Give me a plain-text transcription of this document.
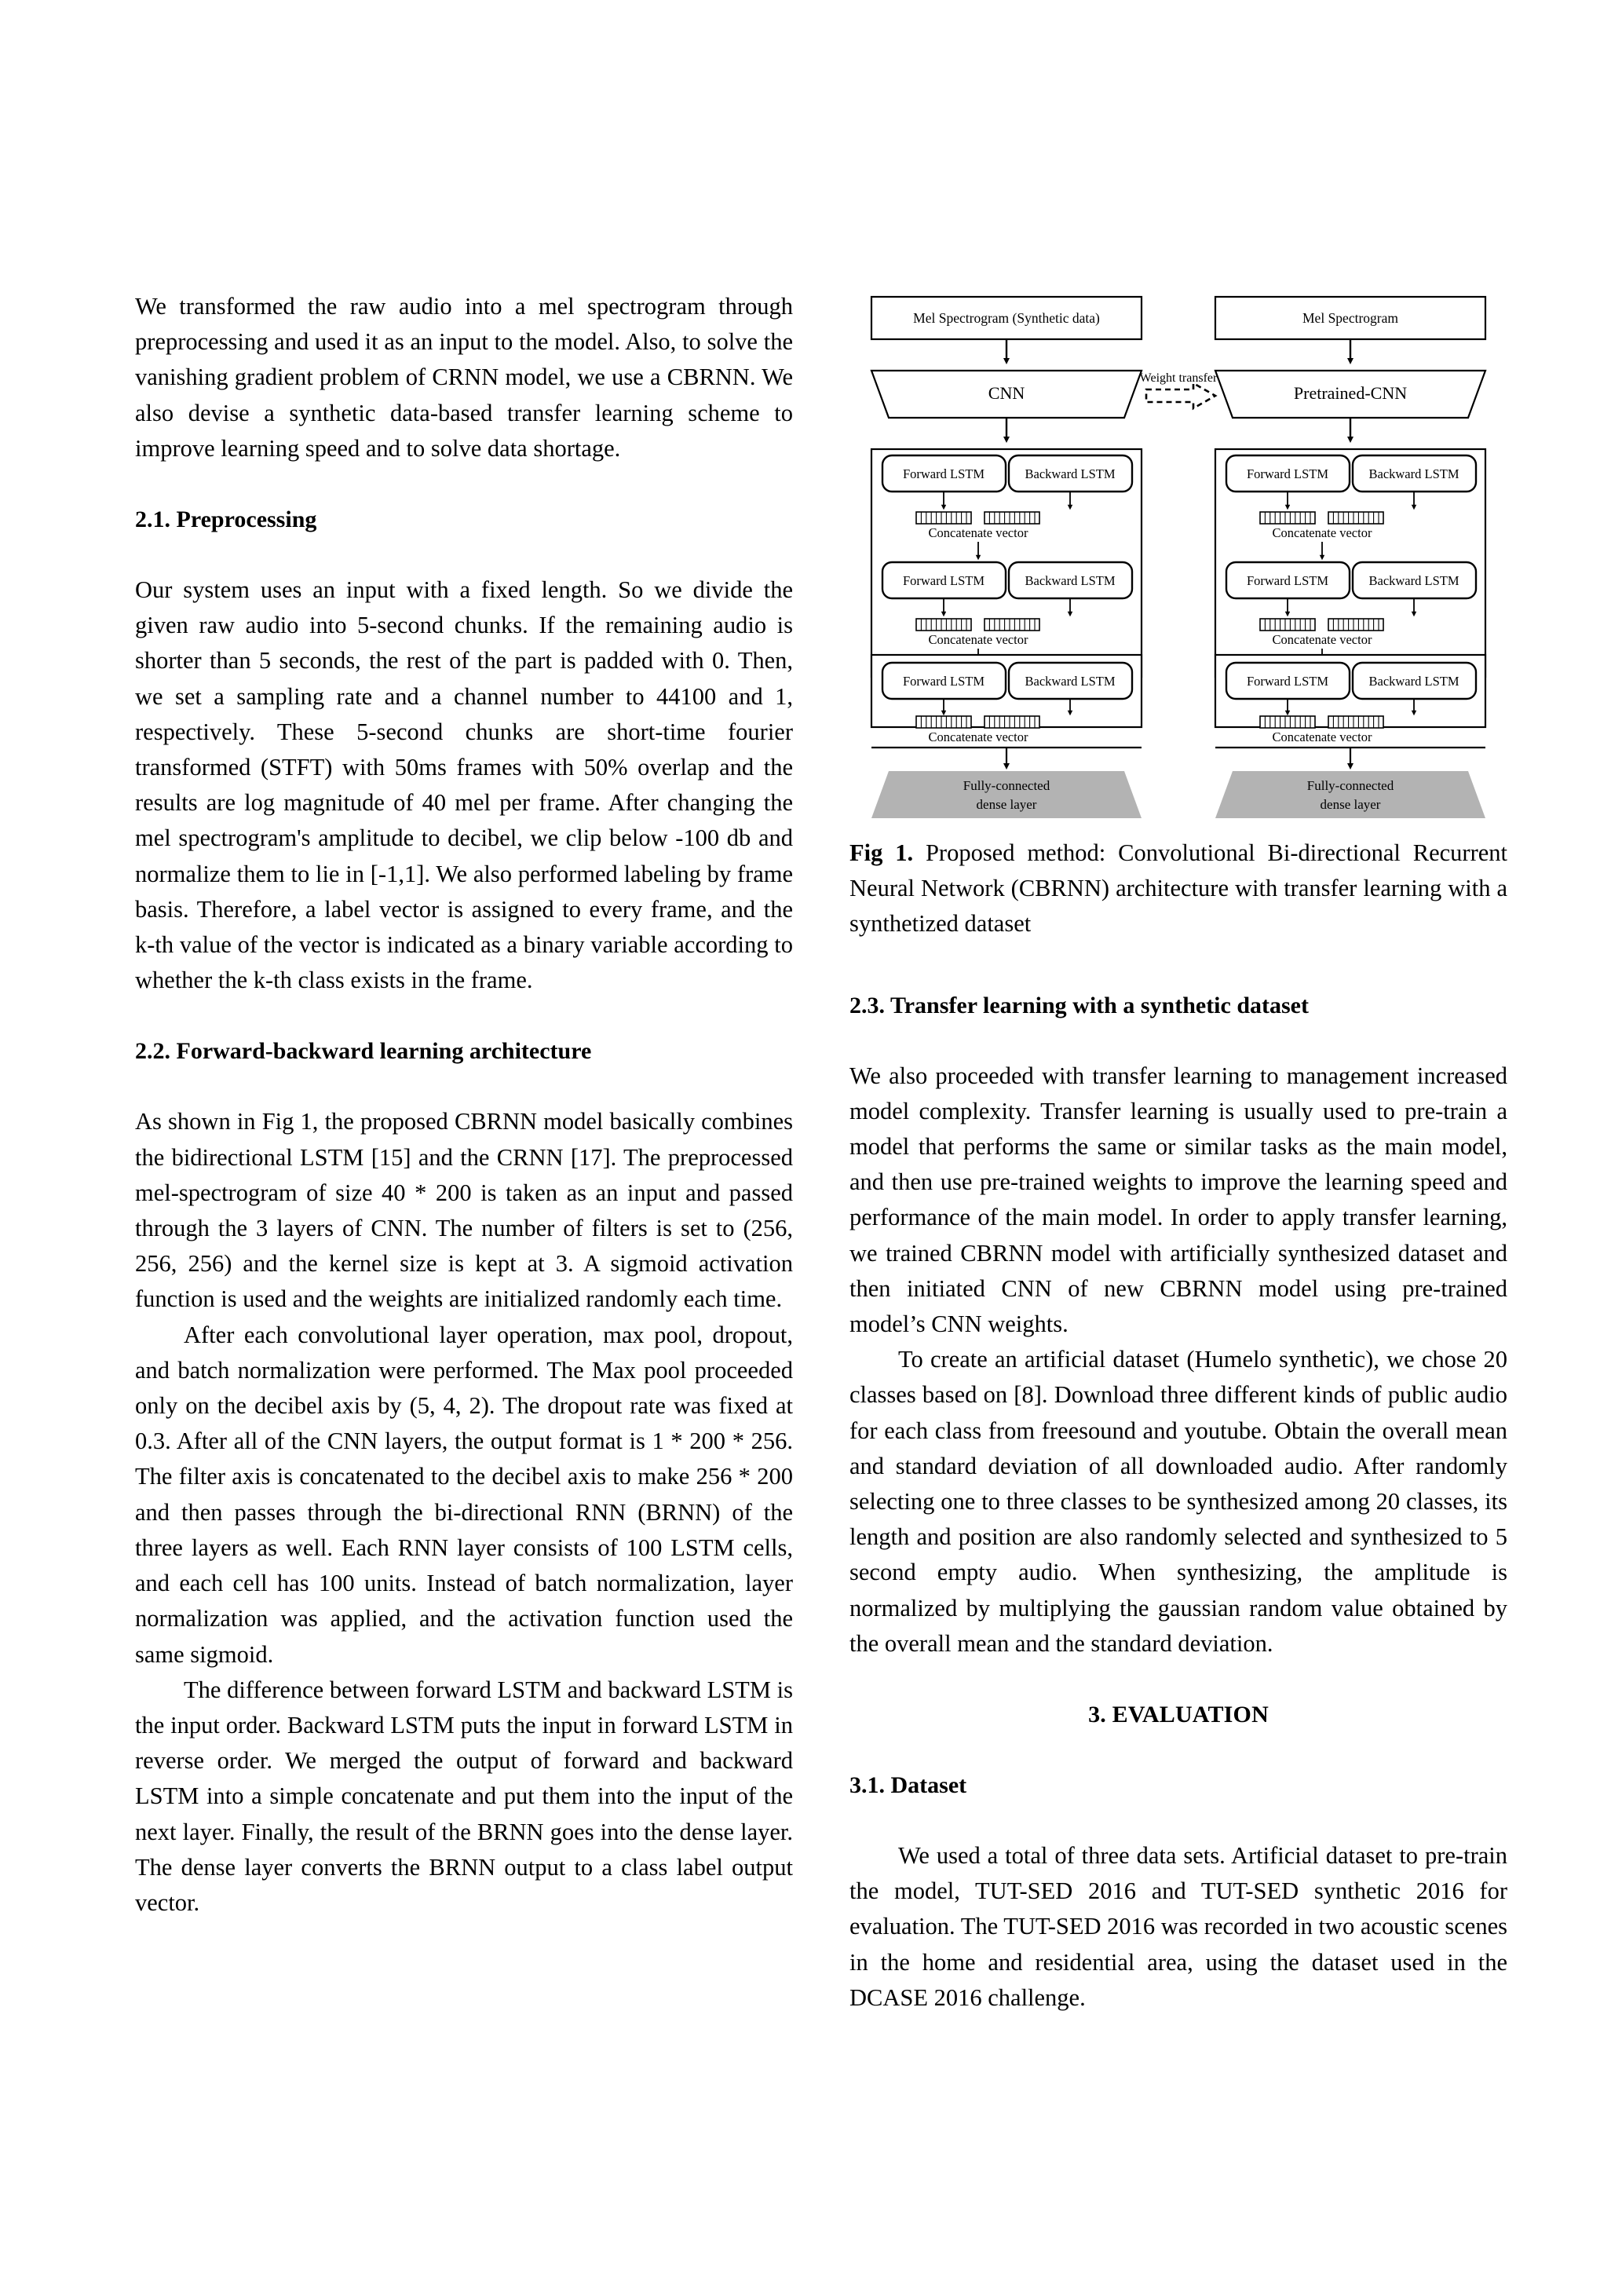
We transformed the raw audio into a mel spectrogram through preprocessing and used it as an input to the model. Also, to solve the vanishing gradient problem of CRNN model, we use a CBRNN. We also devise a synthetic data-based transfer learning scheme to improve learning speed and to solve data shortage.

2.1. Preprocessing

Our system uses an input with a fixed length. So we divide the given raw audio into 5-second chunks. If the remaining audio is shorter than 5 seconds, the rest of the part is padded with 0. Then, we set a sampling rate and a channel number to 44100 and 1, respectively. These 5-second chunks are short-time fourier transformed (STFT) with 50ms frames with 50% overlap and the results are log magnitude of 40 mel per frame. After changing the mel spectrogram's amplitude to decibel, we clip below -100 db and normalize them to lie in [-1,1]. We also performed labeling by frame basis. Therefore, a label vector is assigned to every frame, and the k-th value of the vector is indicated as a binary variable according to whether the k-th class exists in the frame.

2.2. Forward-backward learning architecture

As shown in Fig 1, the proposed CBRNN model basically combines the bidirectional LSTM [15] and the CRNN [17]. The preprocessed mel-spectrogram of size 40 * 200 is taken as an input and passed through the 3 layers of CNN. The number of filters is set to (256, 256, 256) and the kernel size is kept at 3. A sigmoid activation function is used and the weights are initialized randomly each time.

After each convolutional layer operation, max pool, dropout, and batch normalization were performed. The Max pool proceeded only on the decibel axis by (5, 4, 2). The dropout rate was fixed at 0.3. After all of the CNN layers, the output format is 1 * 200 * 256. The filter axis is concatenated to the decibel axis to make 256 * 200 and then passes through the bi-directional RNN (BRNN) of the three layers as well. Each RNN layer consists of 100 LSTM cells, and each cell has 100 units. Instead of batch normalization, layer normalization was applied, and the activation function used the same sigmoid.

The difference between forward LSTM and backward LSTM is the input order. Backward LSTM puts the input in forward LSTM in reverse order. We merged the output of forward and backward LSTM into a simple concatenate and put them into the input of the next layer. Finally, the result of the BRNN goes into the dense layer. The dense layer converts the BRNN output to a class label output vector.

Mel Spectrogram (Synthetic data)
CNN
Forward LSTM	Backward LSTM
Concatenate vector
Forward LSTM	Backward LSTM
Concatenate vector
Mel Spectrogram
Pretrained-CNN
Forward LSTM	Backward LSTM
Concatenate vector
Forward LSTM	Backward LSTM
Concatenate vector
Weight transfer
Forward LSTM	Backward LSTM
Concatenate vector
Fully-connected
dense layer
Forward LSTM	Backward LSTM
Concatenate vector
Fully-connected
dense layer

Fig 1. Proposed method: Convolutional Bi-directional Recurrent Neural Network (CBRNN) architecture with transfer learning with a synthetized dataset

2.3. Transfer learning with a synthetic dataset

We also proceeded with transfer learning to management increased model complexity. Transfer learning is usually used to pre-train a model that performs the same or similar tasks as the main model, and then use pre-trained weights to improve the learning speed and performance of the main model. In order to apply transfer learning, we trained CBRNN model with artificially synthesized dataset and then initiated CNN of new CBRNN model using pre-trained model’s CNN weights.

To create an artificial dataset (Humelo synthetic), we chose 20 classes based on [8]. Download three different kinds of public audio for each class from freesound and youtube. Obtain the overall mean and standard deviation of all downloaded audio. After randomly selecting one to three classes to be synthesized among 20 classes, its length and position are also randomly selected and synthesized to 5 second empty audio. When synthesizing, the amplitude is normalized by multiplying the gaussian random value obtained by the overall mean and the standard deviation.

3. EVALUATION
3.1. Dataset

We used a total of three data sets. Artificial dataset to pre-train the model, TUT-SED 2016 and TUT-SED synthetic 2016 for evaluation. The TUT-SED 2016 was recorded in two acoustic scenes in the home and residential area, using the dataset used in the DCASE 2016 challenge.
